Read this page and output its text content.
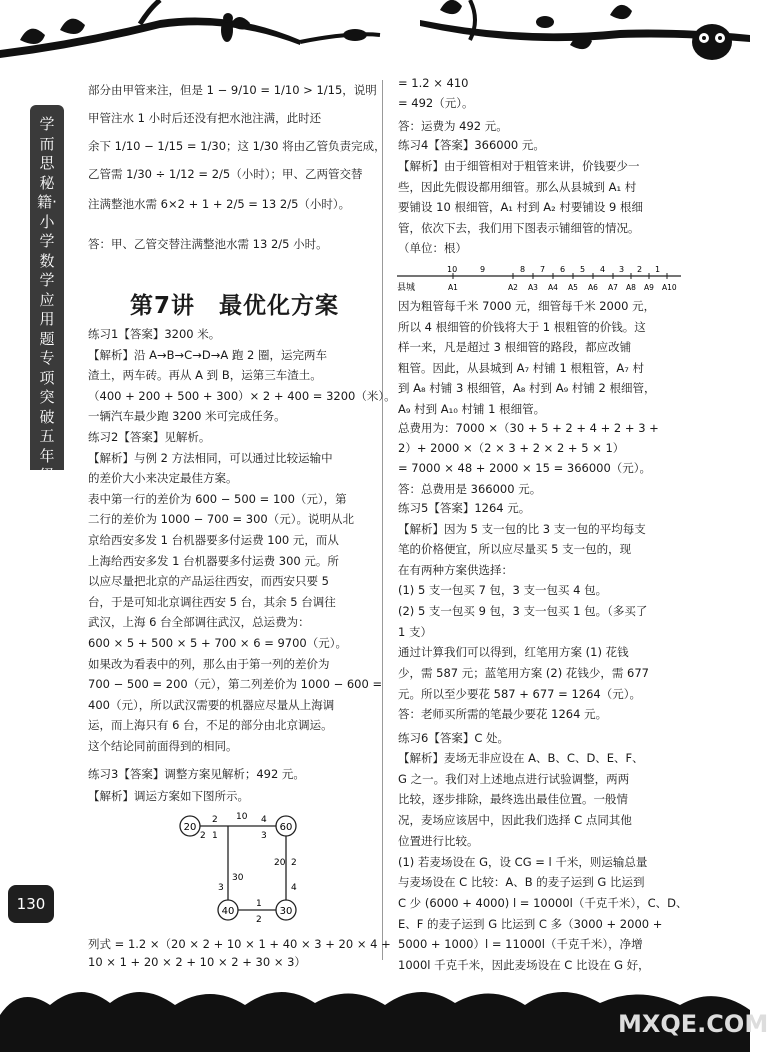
学而思秘籍·小学数学应用题专项突破 五年级
130
MXQE.COM
第7讲　最优化方案
部分由甲管来注，但是 1 − 9/10 = 1/10 > 1/15，说明
甲管注水 1 小时后还没有把水池注满，此时还
余下 1/10 − 1/15 = 1/30；这 1/30 将由乙管负责完成，
乙管需 1/30 ÷ 1/12 = 2/5（小时）；甲、乙两管交替
注满整池水需 6×2 + 1 + 2/5 = 13 2/5（小时）。
答：甲、乙管交替注满整池水需 13 2/5 小时。
练习1【答案】3200 米。
【解析】沿 A→B→C→D→A 跑 2 圈，运完两车
渣土，两车砖。再从 A 到 B，运第三车渣土。
（400 + 200 + 500 + 300）× 2 + 400 = 3200（米）。
一辆汽车最少跑 3200 米可完成任务。
练习2【答案】见解析。
【解析】与例 2 方法相同，可以通过比较运输中
的差价大小来决定最佳方案。
表中第一行的差价为 600 − 500 = 100（元），第
二行的差价为 1000 − 700 = 300（元）。说明从北
京给西安多发 1 台机器要多付运费 100 元，而从
上海给西安多发 1 台机器要多付运费 300 元。所
以应尽量把北京的产品运往西安，而西安只要 5
台，于是可知北京调往西安 5 台，其余 5 台调往
武汉，上海 6 台全部调往武汉，总运费为：
600 × 5 + 500 × 5 + 700 × 6 = 9700（元）。
如果改为看表中的列，那么由于第一列的差价为
700 − 500 = 200（元），第二列差价为 1000 − 600 =
400（元），所以武汉需要的机器应尽量从上海调
运，而上海只有 6 台，不足的部分由北京调运。
这个结论同前面得到的相同。
练习3【答案】调整方案见解析；492 元。
【解析】调运方案如下图所示。
列式 = 1.2 ×（20 × 2 + 10 × 1 + 40 × 3 + 20 × 4 +
10 × 1 + 20 × 2 + 10 × 2 + 30 × 3）
= 1.2 × 410
= 492（元）。
答：运费为 492 元。
练习4【答案】366000 元。
【解析】由于细管相对于粗管来讲，价钱要少一
些，因此先假设都用细管。那么从县城到 A₁ 村
要铺设 10 根细管，A₁ 村到 A₂ 村要铺设 9 根细
管，依次下去，我们用下图表示铺细管的情况。
（单位：根）
因为粗管每千米 7000 元，细管每千米 2000 元，
所以 4 根细管的价钱将大于 1 根粗管的价钱。这
样一来，凡是超过 3 根细管的路段，都应改铺
粗管。因此，从县城到 A₇ 村铺 1 根粗管，A₇ 村
到 A₈ 村铺 3 根细管，A₈ 村到 A₉ 村铺 2 根细管，
A₉ 村到 A₁₀ 村铺 1 根细管。
总费用为：7000 ×（30 + 5 + 2 + 4 + 2 + 3 +
2）+ 2000 ×（2 × 3 + 2 × 2 + 5 × 1）
= 7000 × 48 + 2000 × 15 = 366000（元）。
答：总费用是 366000 元。
练习5【答案】1264 元。
【解析】因为 5 支一包的比 3 支一包的平均每支
笔的价格便宜，所以应尽量买 5 支一包的，现
在有两种方案供选择：
(1) 5 支一包买 7 包，3 支一包买 4 包。
(2) 5 支一包买 9 包，3 支一包买 1 包。（多买了
1 支）
通过计算我们可以得到，红笔用方案 (1) 花钱
少，需 587 元；蓝笔用方案 (2) 花钱少，需 677
元。所以至少要花 587 + 677 = 1264（元）。
答：老师买所需的笔最少要花 1264 元。
练习6【答案】C 处。
【解析】麦场无非应设在 A、B、C、D、E、F、
G 之一。我们对上述地点进行试验调整，两两
比较，逐步排除，最终选出最佳位置。一般情
况，麦场应该居中，因此我们选择 C 点同其他
位置进行比较。
(1) 若麦场设在 G，设 CG = l 千米，则运输总量
与麦场设在 C 比较：A、B 的麦子运到 G 比运到
C 少 (6000 + 4000) l = 10000l（千克千米），C、D、
E、F 的麦子运到 G 比运到 C 多（3000 + 2000 +
5000 + 1000）l = 11000l（千克千米），净增
1000l 千克千米，因此麦场设在 C 比设在 G 好，
20	60
40	30
10
2	4
3
1
2
2
30
20
3
1
4
2
县城
10	9	8 7 6 5 4 3 2 1
A1	A2 A3 A4 A5 A6 A7 A8 A9 A10
